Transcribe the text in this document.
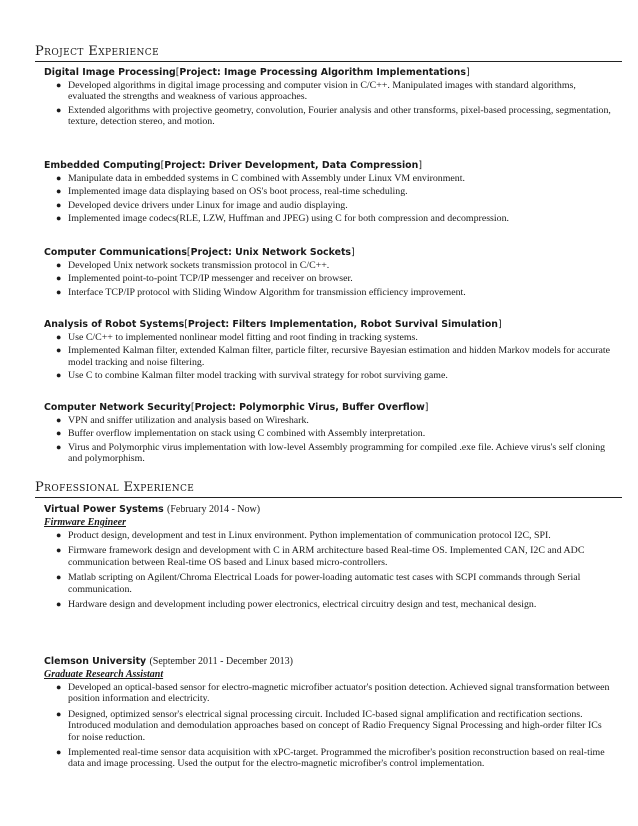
Project Experience
Digital Image Processing[Project: Image Processing Algorithm Implementations]
● Developed algorithms in digital image processing and computer vision in C/C++. Manipulated images with standard algorithms, evaluated the strengths and weakness of various approaches.
● Extended algorithms with projective geometry, convolution, Fourier analysis and other transforms, pixel-based processing, segmentation, texture, detection stereo, and motion.
Embedded Computing[Project: Driver Development, Data Compression]
● Manipulate data in embedded systems in C combined with Assembly under Linux VM environment.
● Implemented image data displaying based on OS's boot process, real-time scheduling.
● Developed device drivers under Linux for image and audio displaying.
● Implemented image codecs(RLE, LZW, Huffman and JPEG) using C for both compression and decompression.
Computer Communications[Project: Unix Network Sockets]
● Developed Unix network sockets transmission protocol in C/C++.
● Implemented point-to-point TCP/IP messenger and receiver on browser.
● Interface TCP/IP protocol with Sliding Window Algorithm for transmission efficiency improvement.
Analysis of Robot Systems[Project: Filters Implementation, Robot Survival Simulation]
● Use C/C++ to implemented nonlinear model fitting and root finding in tracking systems.
● Implemented Kalman filter, extended Kalman filter, particle filter, recursive Bayesian estimation and hidden Markov models for accurate model tracking and noise filtering.
● Use C to combine Kalman filter model tracking with survival strategy for robot surviving game.
Computer Network Security[Project: Polymorphic Virus, Buffer Overflow]
● VPN and sniffer utilization and analysis based on Wireshark.
● Buffer overflow implementation on stack using C combined with Assembly interpretation.
● Virus and Polymorphic virus implementation with low-level Assembly programming for compiled .exe file. Achieve virus's self cloning and polymorphism.
Professional Experience
Virtual Power Systems (February 2014 - Now)
Firmware Engineer
● Product design, development and test in Linux environment. Python implementation of communication protocol I2C, SPI.
● Firmware framework design and development with C in ARM architecture based Real-time OS. Implemented CAN, I2C and ADC communication between Real-time OS based and Linux based micro-controllers.
● Matlab scripting on Agilent/Chroma Electrical Loads for power-loading automatic test cases with SCPI commands through Serial communication.
● Hardware design and development including power electronics, electrical circuitry design and test, mechanical design.
Clemson University (September 2011 - December 2013)
Graduate Research Assistant
● Developed an optical-based sensor for electro-magnetic microfiber actuator's position detection. Achieved signal transformation between position information and electricity.
● Designed, optimized sensor's electrical signal processing circuit. Included IC-based signal amplification and rectification sections. Introduced modulation and demodulation approaches based on concept of Radio Frequency Signal Processing and high-order filter ICs for noise reduction.
● Implemented real-time sensor data acquisition with xPC-target. Programmed the microfiber's position reconstruction based on real-time data and image processing. Used the output for the electro-magnetic microfiber's control implementation.
